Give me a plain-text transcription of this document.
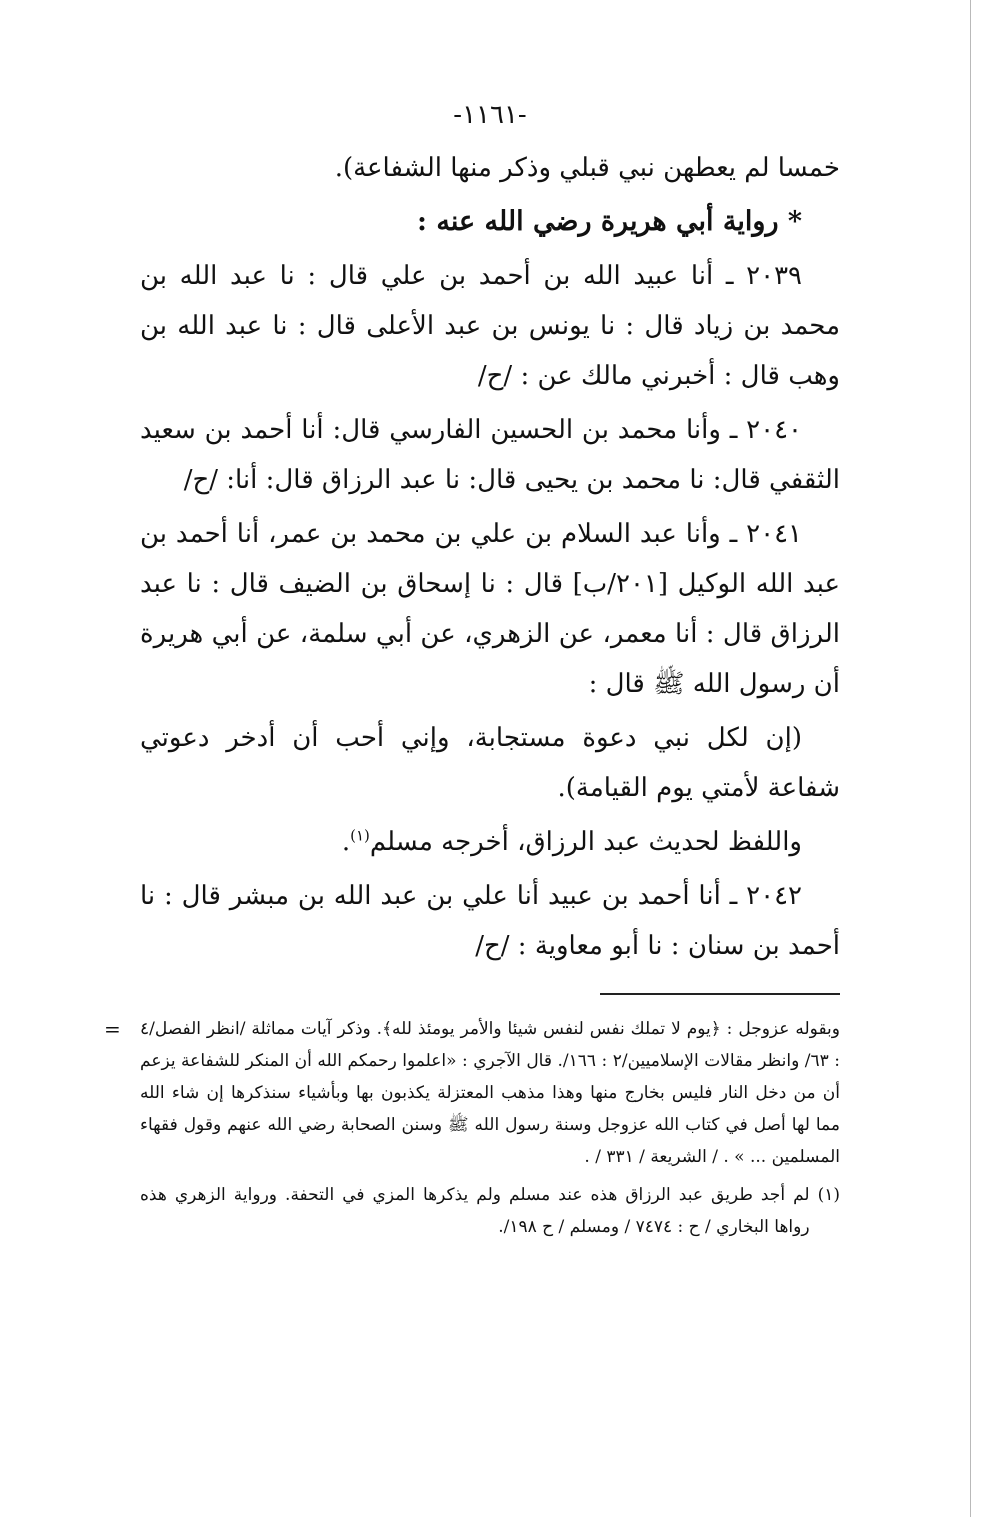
-١١٦١-

خمسا لم يعطهن نبي قبلي وذكر منها الشفاعة).

* رواية أبي هريرة رضي الله عنه :

٢٠٣٩ ـ أنا عبيد الله بن أحمد بن علي قال : نا عبد الله بن محمد بن زياد قال : نا يونس بن عبد الأعلى قال : نا عبد الله بن وهب قال : أخبرني مالك عن : /ح/

٢٠٤٠ ـ وأنا محمد بن الحسين الفارسي قال: أنا أحمد بن سعيد الثقفي قال: نا محمد بن يحيى قال: نا عبد الرزاق قال: أنا: /ح/

٢٠٤١ ـ وأنا عبد السلام بن علي بن محمد بن عمر، أنا أحمد بن عبد الله الوكيل [٢٠١/ب] قال : نا إسحاق بن الضيف قال : نا عبد الرزاق قال : أنا معمر، عن الزهري، عن أبي سلمة، عن أبي هريرة أن رسول الله ﷺ قال :

(إن لكل نبي دعوة مستجابة، وإني أحب أن أدخر دعوتي شفاعة لأمتي يوم القيامة).

واللفظ لحديث عبد الرزاق، أخرجه مسلم$^{(١)}$.

٢٠٤٢ ـ أنا أحمد بن عبيد أنا علي بن عبد الله بن مبشر قال : نا أحمد بن سنان : نا أبو معاوية : /ح/

= وبقوله عزوجل : ﴿يوم لا تملك نفس لنفس شيئا والأمر يومئذ لله﴾. وذكر آيات مماثلة /انظر الفصل/٤ : ٦٣/ وانظر مقالات الإسلاميين/٢ : ١٦٦/. قال الآجري : «اعلموا رحمكم الله أن المنكر للشفاعة يزعم أن من دخل النار فليس بخارج منها وهذا مذهب المعتزلة يكذبون بها وبأشياء سنذكرها إن شاء الله مما لها أصل في كتاب الله عزوجل وسنة رسول الله ﷺ وسنن الصحابة رضي الله عنهم وقول فقهاء المسلمين ... » . / الشريعة / ٣٣١ / .

(١)
لم أجد طريق عبد الرزاق هذه عند مسلم ولم يذكرها المزي في التحفة. ورواية الزهري هذه رواها البخاري / ح : ٧٤٧٤ / ومسلم / ح ١٩٨/.
